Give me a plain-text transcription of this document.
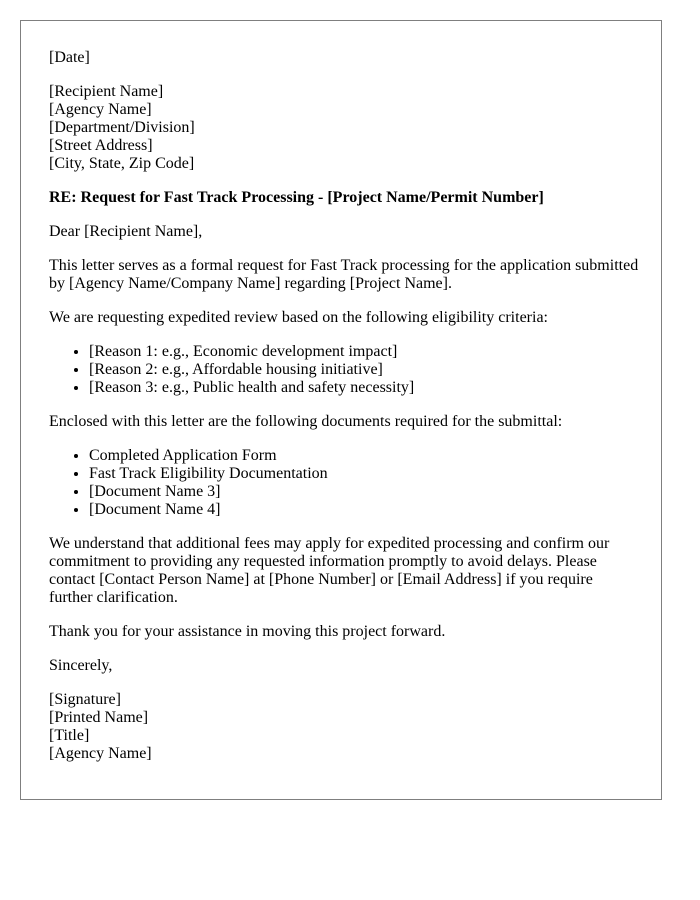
[Date]

[Recipient Name]
[Agency Name]
[Department/Division]
[Street Address]
[City, State, Zip Code]

RE: Request for Fast Track Processing - [Project Name/Permit Number]

Dear [Recipient Name],

This letter serves as a formal request for Fast Track processing for the application submitted by [Agency Name/Company Name] regarding [Project Name].

We are requesting expedited review based on the following eligibility criteria:

• [Reason 1: e.g., Economic development impact]
• [Reason 2: e.g., Affordable housing initiative]
• [Reason 3: e.g., Public health and safety necessity]

Enclosed with this letter are the following documents required for the submittal:

• Completed Application Form
• Fast Track Eligibility Documentation
• [Document Name 3]
• [Document Name 4]

We understand that additional fees may apply for expedited processing and confirm our commitment to providing any requested information promptly to avoid delays. Please contact [Contact Person Name] at [Phone Number] or [Email Address] if you require further clarification.

Thank you for your assistance in moving this project forward.

Sincerely,

[Signature]
[Printed Name]
[Title]
[Agency Name]
